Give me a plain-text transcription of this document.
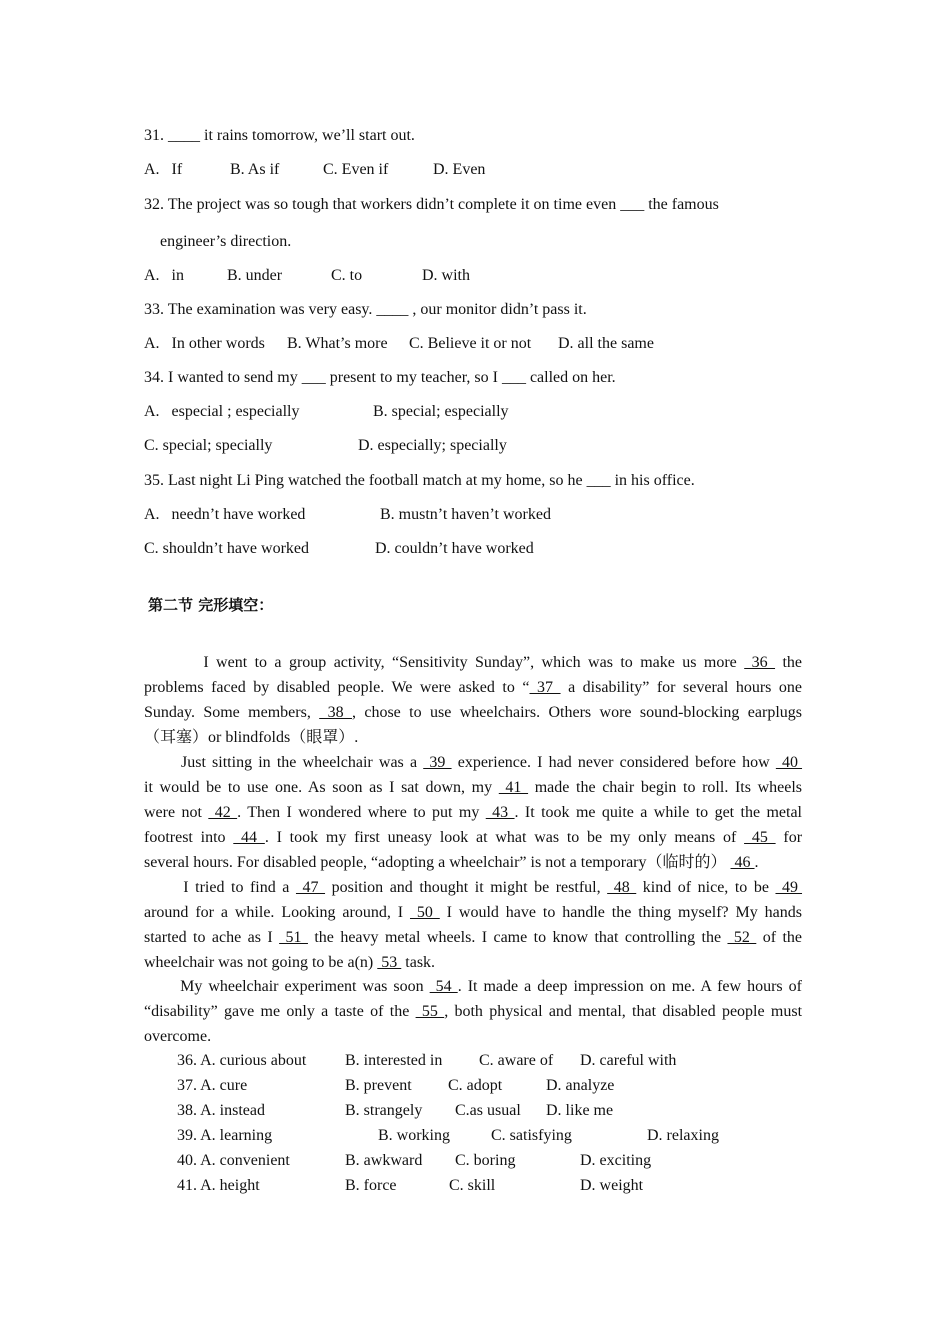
31. ____ it rains tomorrow, we’ll start out.
A.   If	B. As if	C. Even if	D. Even
32. The project was so tough that workers didn’t complete it on time even ___ the famous
engineer’s direction.
A.   in	B. under	C. to	D. with
33. The examination was very easy. ____ , our monitor didn’t pass it.
A.   In other words B. What’s more C. Believe it or not D. all the same
34. I wanted to send my ___ present to my teacher, so I ___ called on her.
A.   especial ; especially	B. special; especially
C. special; specially	D. especially; specially
35. Last night Li Ping watched the football match at my home, so he ___ in his office.
A.   needn’t have worked	B. mustn’t haven’t worked
C. shouldn’t have worked	D. couldn’t have worked
第二节 完形填空：
I went to a group activity, “Sensitivity Sunday”, which was to make us more  36  the
problems faced by disabled people. We were asked to “ 37  a disability” for several hours one
Sunday. Some members,  38 , chose to use wheelchairs. Others wore sound-blocking earplugs
（耳塞）or blindfolds（眼罩）.
Just sitting in the wheelchair was a  39  experience. I had never considered before how  40
it would be to use one. As soon as I sat down, my  41  made the chair begin to roll. Its wheels
were not  42 . Then I wondered where to put my  43 . It took me quite a while to get the metal
footrest into  44 . I took my first uneasy look at what was to be my only means of  45  for
several hours. For disabled people, “adopting a wheelchair” is not a temporary（临时的）  46 .
I tried to find a  47  position and thought it might be restful,  48  kind of nice, to be  49
around for a while. Looking around, I  50  I would have to handle the thing myself? My hands
started to ache as I  51  the heavy metal wheels. I came to know that controlling the  52  of the
wheelchair was not going to be a(n)  53  task.
My wheelchair experiment was soon  54 . It made a deep impression on me. A few hours of
“disability” gave me only a taste of the  55 , both physical and mental, that disabled people must
overcome.
36. A. curious about B. interested in C. aware of D. careful with
37. A. cure	B. prevent C. adopt	D. analyze
38. A. instead	B. strangely C.as usual D. like me
39. A. learning	B. working	C. satisfying	D. relaxing
40. A. convenient	B. awkward C. boring	D. exciting
41. A. height	B. force	C. skill	D. weight
